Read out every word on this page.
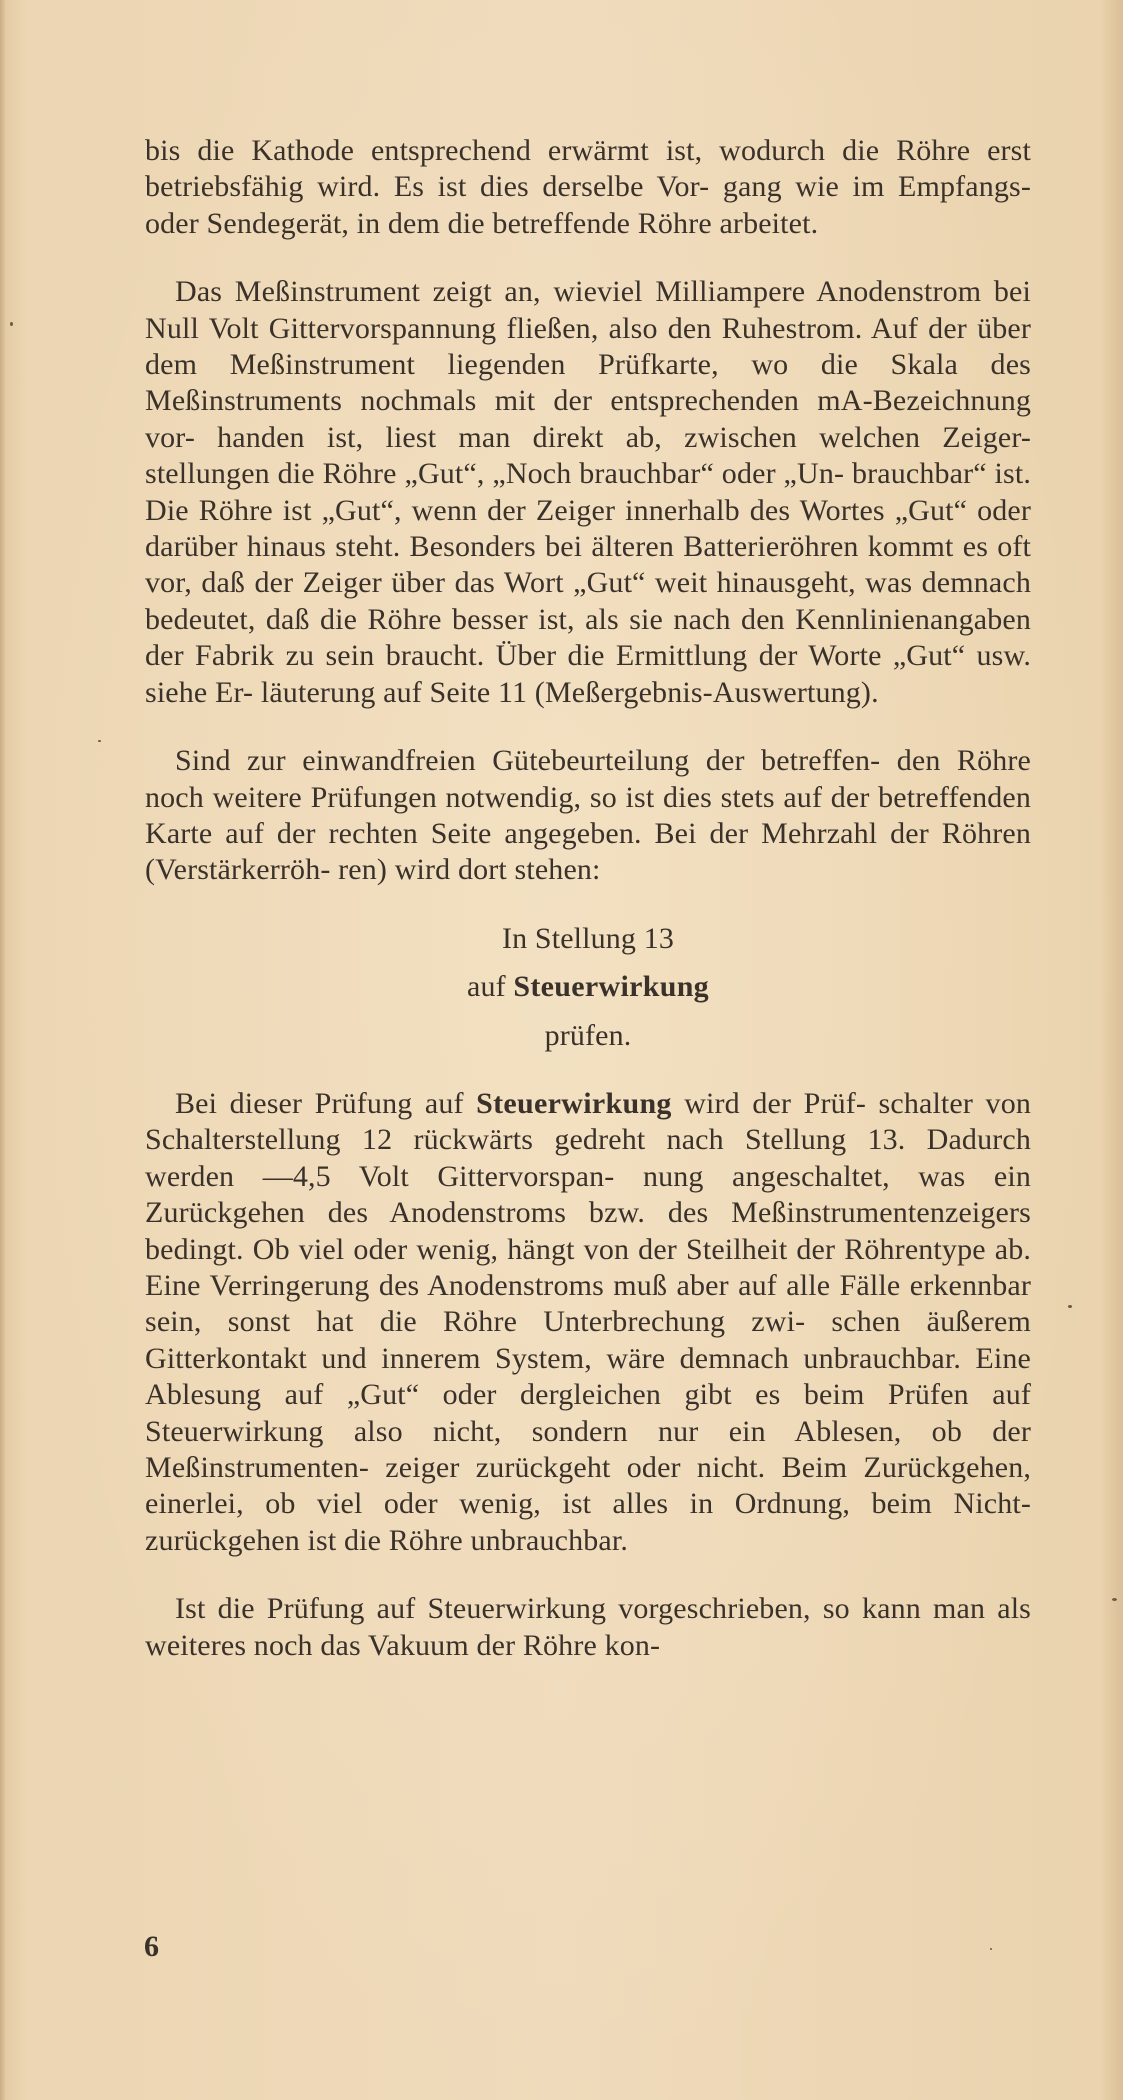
bis die Kathode entsprechend erwärmt ist, wodurch die Röhre erst betriebsfähig wird. Es ist dies derselbe Vor- gang wie im Empfangs- oder Sendegerät, in dem die betreffende Röhre arbeitet.

Das Meßinstrument zeigt an, wieviel Milliampere Anodenstrom bei Null Volt Gittervorspannung fließen, also den Ruhestrom. Auf der über dem Meßinstrument liegenden Prüfkarte, wo die Skala des Meßinstruments nochmals mit der entsprechenden mA-Bezeichnung vor- handen ist, liest man direkt ab, zwischen welchen Zeiger- stellungen die Röhre „Gut“, „Noch brauchbar“ oder „Un- brauchbar“ ist. Die Röhre ist „Gut“, wenn der Zeiger innerhalb des Wortes „Gut“ oder darüber hinaus steht. Besonders bei älteren Batterieröhren kommt es oft vor, daß der Zeiger über das Wort „Gut“ weit hinausgeht, was demnach bedeutet, daß die Röhre besser ist, als sie nach den Kennlinienangaben der Fabrik zu sein braucht. Über die Ermittlung der Worte „Gut“ usw. siehe Er- läuterung auf Seite 11 (Meßergebnis-Auswertung).

Sind zur einwandfreien Gütebeurteilung der betreffen- den Röhre noch weitere Prüfungen notwendig, so ist dies stets auf der betreffenden Karte auf der rechten Seite angegeben. Bei der Mehrzahl der Röhren (Verstärkerröh- ren) wird dort stehen:

In Stellung 13

auf Steuerwirkung

prüfen.

Bei dieser Prüfung auf Steuerwirkung wird der Prüf- schalter von Schalterstellung 12 rückwärts gedreht nach Stellung 13. Dadurch werden —4,5 Volt Gittervorspan- nung angeschaltet, was ein Zurückgehen des Anodenstroms bzw. des Meßinstrumentenzeigers bedingt. Ob viel oder wenig, hängt von der Steilheit der Röhrentype ab. Eine Verringerung des Anodenstroms muß aber auf alle Fälle erkennbar sein, sonst hat die Röhre Unterbrechung zwi- schen äußerem Gitterkontakt und innerem System, wäre demnach unbrauchbar. Eine Ablesung auf „Gut“ oder dergleichen gibt es beim Prüfen auf Steuerwirkung also nicht, sondern nur ein Ablesen, ob der Meßinstrumenten- zeiger zurückgeht oder nicht. Beim Zurückgehen, einerlei, ob viel oder wenig, ist alles in Ordnung, beim Nicht- zurückgehen ist die Röhre unbrauchbar.

Ist die Prüfung auf Steuerwirkung vorgeschrieben, so kann man als weiteres noch das Vakuum der Röhre kon-

6
